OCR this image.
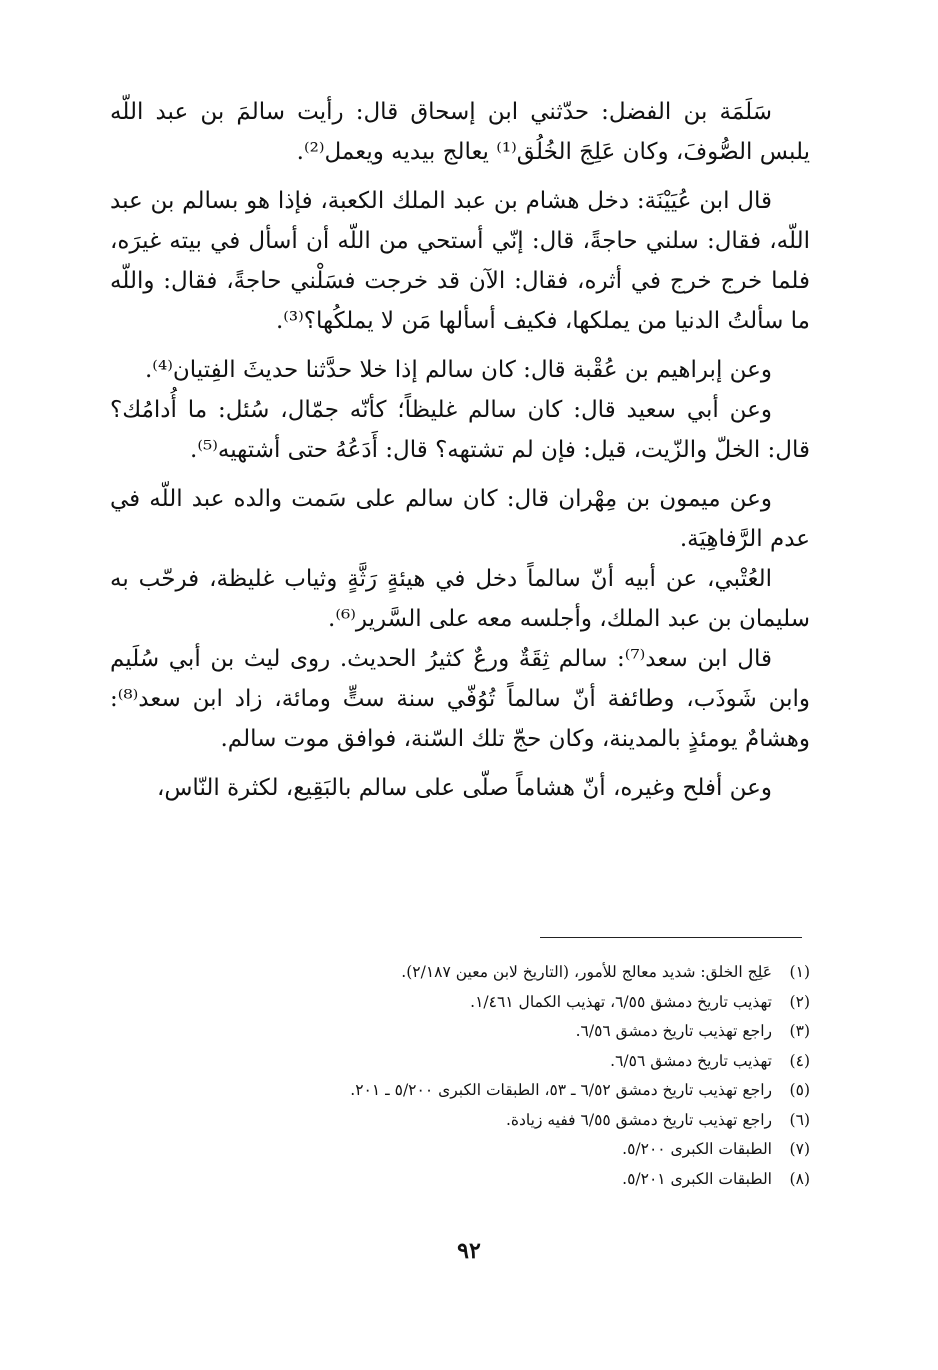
سَلَمَة بن الفضل: حدّثني ابن إسحاق قال: رأيت سالمَ بن عبد اللّه يلبس الصُّوفَ، وكان عَلِجَ الخُلُق⁽¹⁾ يعالج بيديه ويعمل⁽²⁾.

قال ابن عُيَيْنَة: دخل هشام بن عبد الملك الكعبة، فإذا هو بسالم بن عبد اللّه، فقال: سلني حاجةً، قال: إنّي أستحي من اللّه أن أسأل في بيته غيرَه، فلما خرج خرج في أثره، فقال: الآن قد خرجت فسَلْني حاجةً، فقال: واللّه ما سألتُ الدنيا من يملكها، فكيف أسألها مَن لا يملكُها؟⁽³⁾.

وعن إبراهيم بن عُقْبة قال: كان سالم إذا خلا حدَّثنا حديثَ الفِتيان⁽⁴⁾.

وعن أبي سعيد قال: كان سالم غليظاً؛ كأنّه جمّال، سُئل: ما أُدامُك؟ قال: الخلّ والزّيت، قيل: فإن لم تشتهه؟ قال: أَدَعُهُ حتى أشتهيه⁽⁵⁾.

وعن ميمون بن مِهْران قال: كان سالم على سَمت والده عبد اللّه في عدم الرَّفاهِيَة.

العُتْبي، عن أبيه أنّ سالماً دخل في هيئةٍ رَثَّةٍ وثياب غليظة، فرحّب به سليمان بن عبد الملك، وأجلسه معه على السَّرير⁽⁶⁾.

قال ابن سعد⁽⁷⁾: سالم ثِقَةٌ ورعٌ كثيرُ الحديث. روى ليث بن أبي سُلَيم وابن شَوذَب، وطائفة أنّ سالماً تُوُفّي سنة ستٍّ ومائة، زاد ابن سعد⁽⁸⁾: وهشامٌ يومئذٍ بالمدينة، وكان حجّ تلك السّنة، فوافق موت سالم.

وعن أفلح وغيره، أنّ هشاماً صلّى على سالم بالبَقِيع، لكثرة النّاس،

(١)عَلِج الخلق: شديد معالج للأمور، (التاريخ لابن معين ٢/١٨٧).
(٢)تهذيب تاريخ دمشق ٦/٥٥، تهذيب الكمال ١/٤٦١.
(٣)راجع تهذيب تاريخ دمشق ٦/٥٦.
(٤)تهذيب تاريخ دمشق ٦/٥٦.
(٥)راجع تهذيب تاريخ دمشق ٦/٥٢ ـ ٥٣، الطبقات الكبرى ٥/٢٠٠ ـ ٢٠١.
(٦)راجع تهذيب تاريخ دمشق ٦/٥٥ ففيه زيادة.
(٧)الطبقات الكبرى ٥/٢٠٠.
(٨)الطبقات الكبرى ٥/٢٠١.
٩٢
